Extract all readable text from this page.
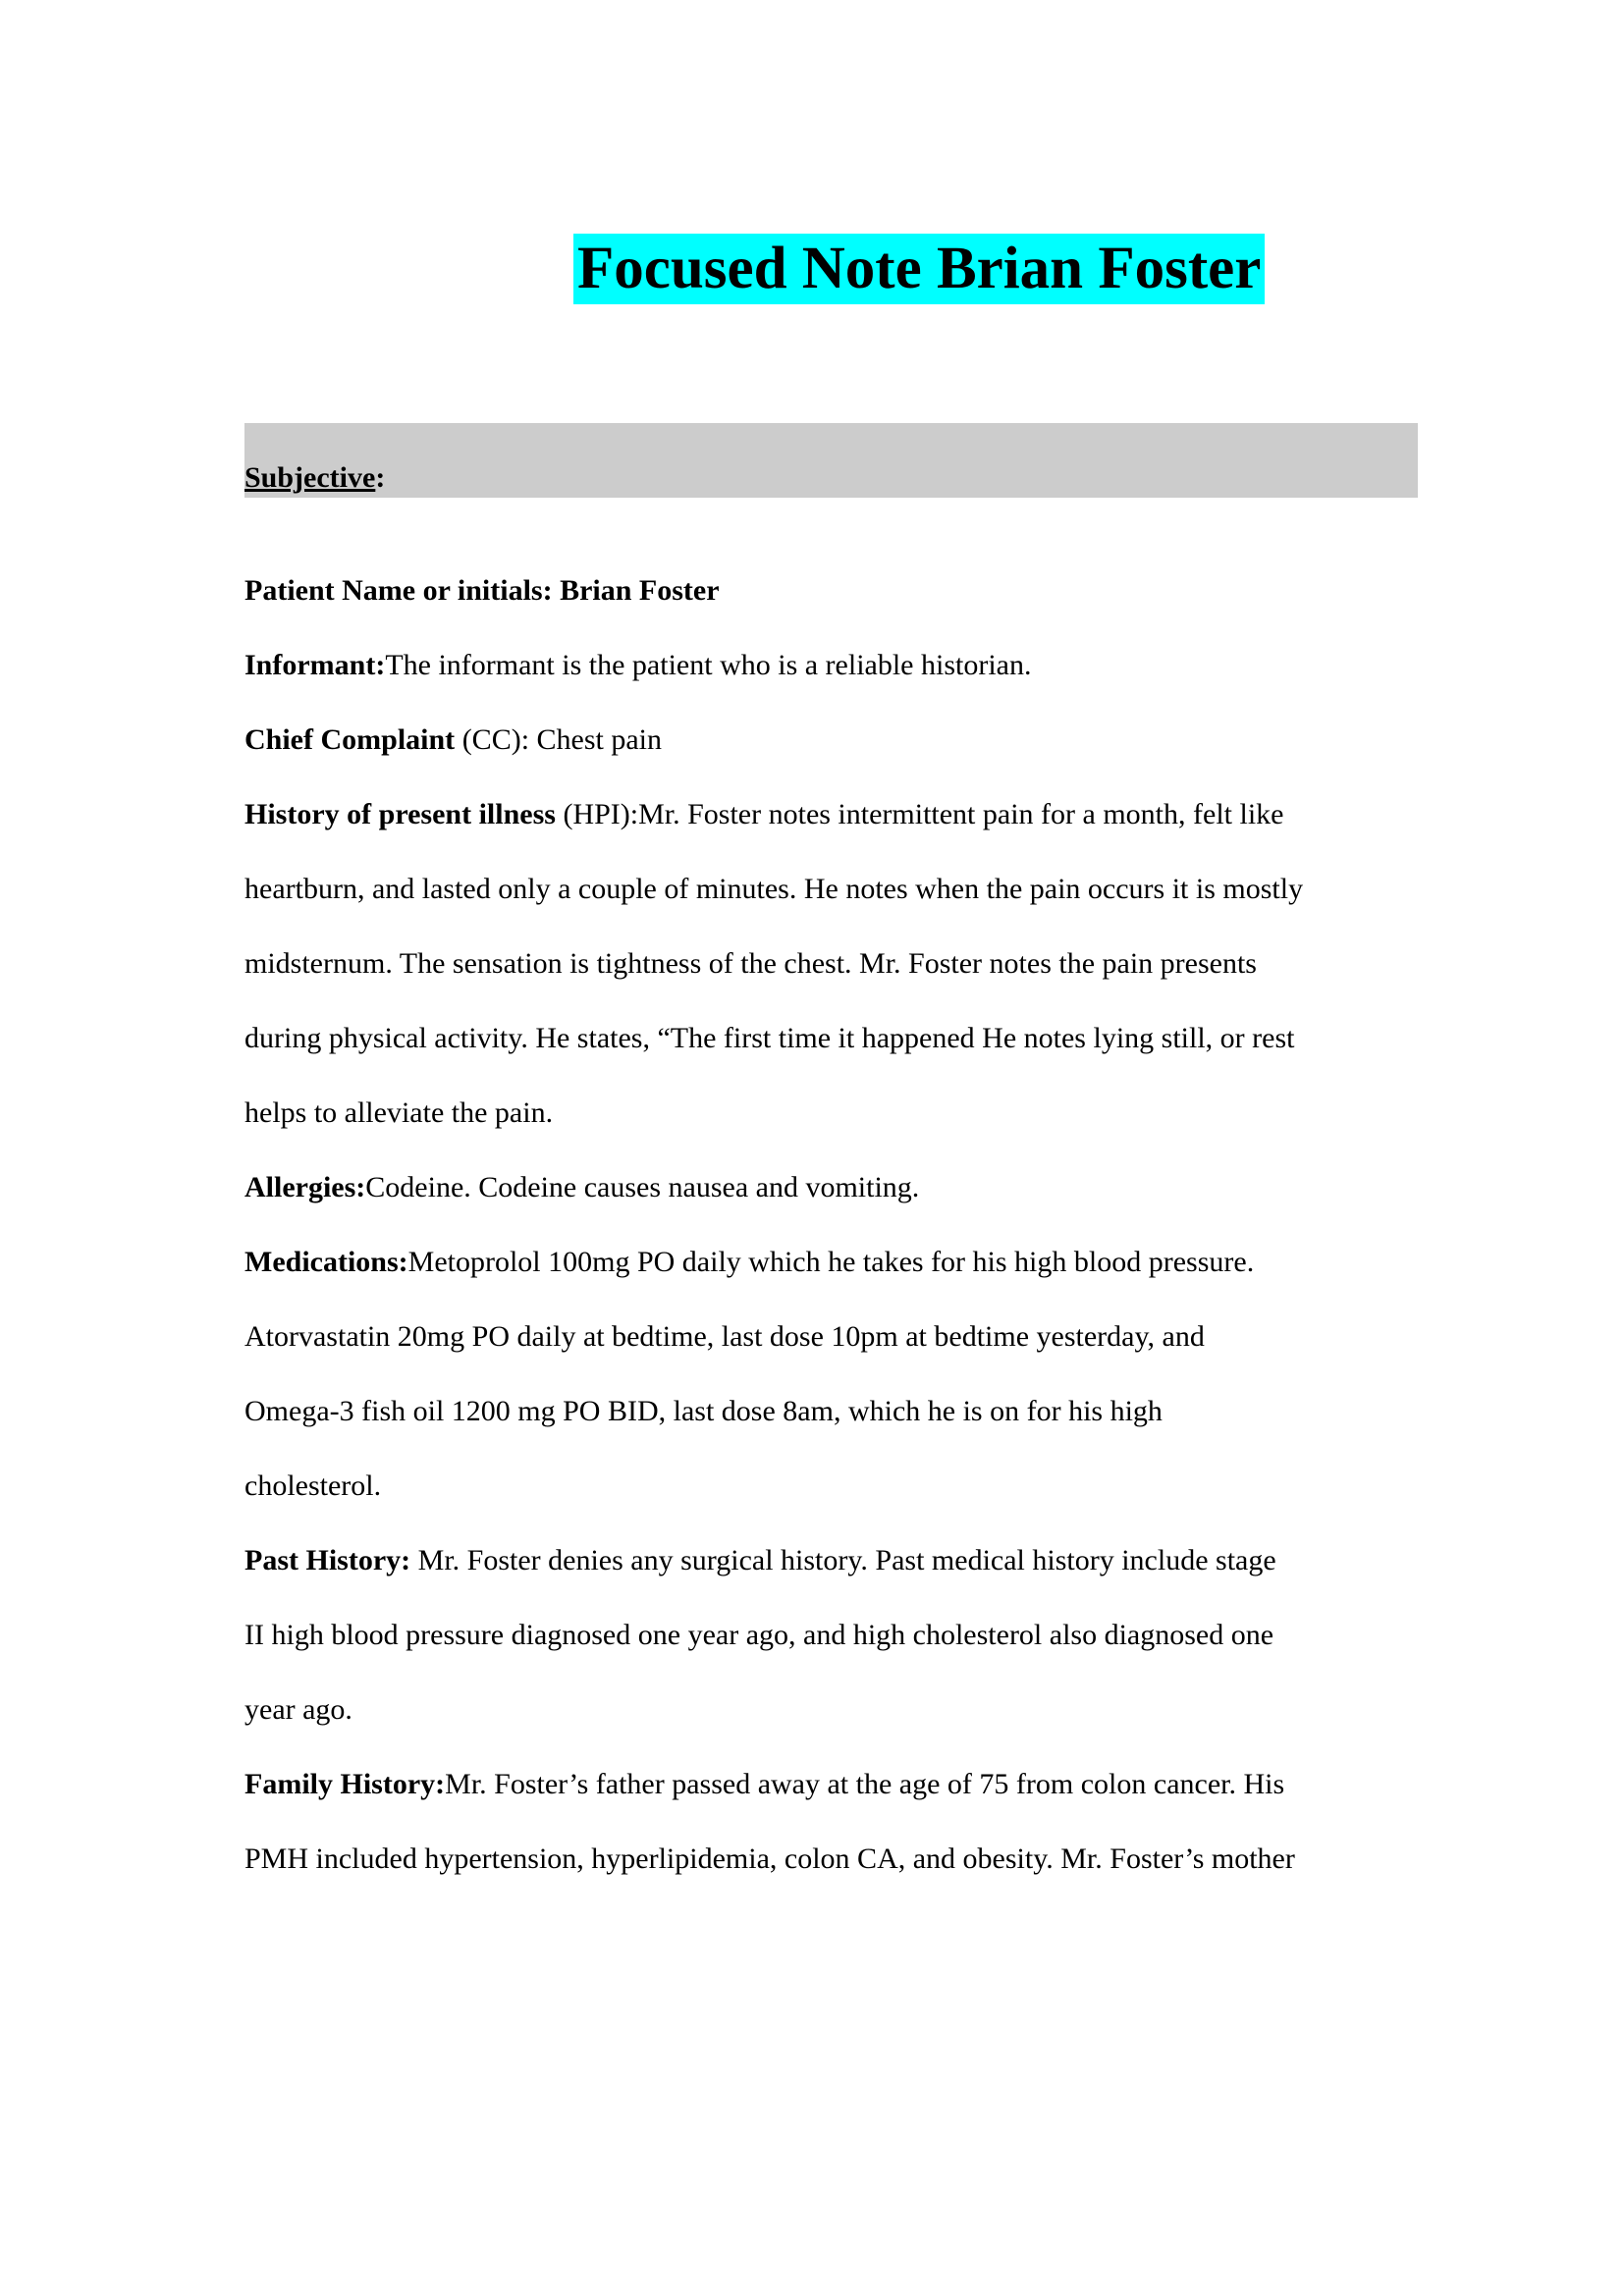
Focused Note Brian Foster
Subjective:

Patient Name or initials: Brian Foster

Informant:The informant is the patient who is a reliable historian.

Chief Complaint (CC): Chest pain

History of present illness (HPI):Mr. Foster notes intermittent pain for a month, felt like

heartburn, and lasted only a couple of minutes. He notes when the pain occurs it is mostly

midsternum. The sensation is tightness of the chest. Mr. Foster notes the pain presents

during physical activity. He states, “The first time it happened He notes lying still, or rest

helps to alleviate the pain.

Allergies:Codeine. Codeine causes nausea and vomiting.

Medications:Metoprolol 100mg PO daily which he takes for his high blood pressure.

Atorvastatin 20mg PO daily at bedtime, last dose 10pm at bedtime yesterday, and

Omega-3 fish oil 1200 mg PO BID, last dose 8am, which he is on for his high

cholesterol.

Past History: Mr. Foster denies any surgical history. Past medical history include stage

II high blood pressure diagnosed one year ago, and high cholesterol also diagnosed one

year ago.

Family History:Mr. Foster’s father passed away at the age of 75 from colon cancer. His

PMH included hypertension, hyperlipidemia, colon CA, and obesity. Mr. Foster’s mother
